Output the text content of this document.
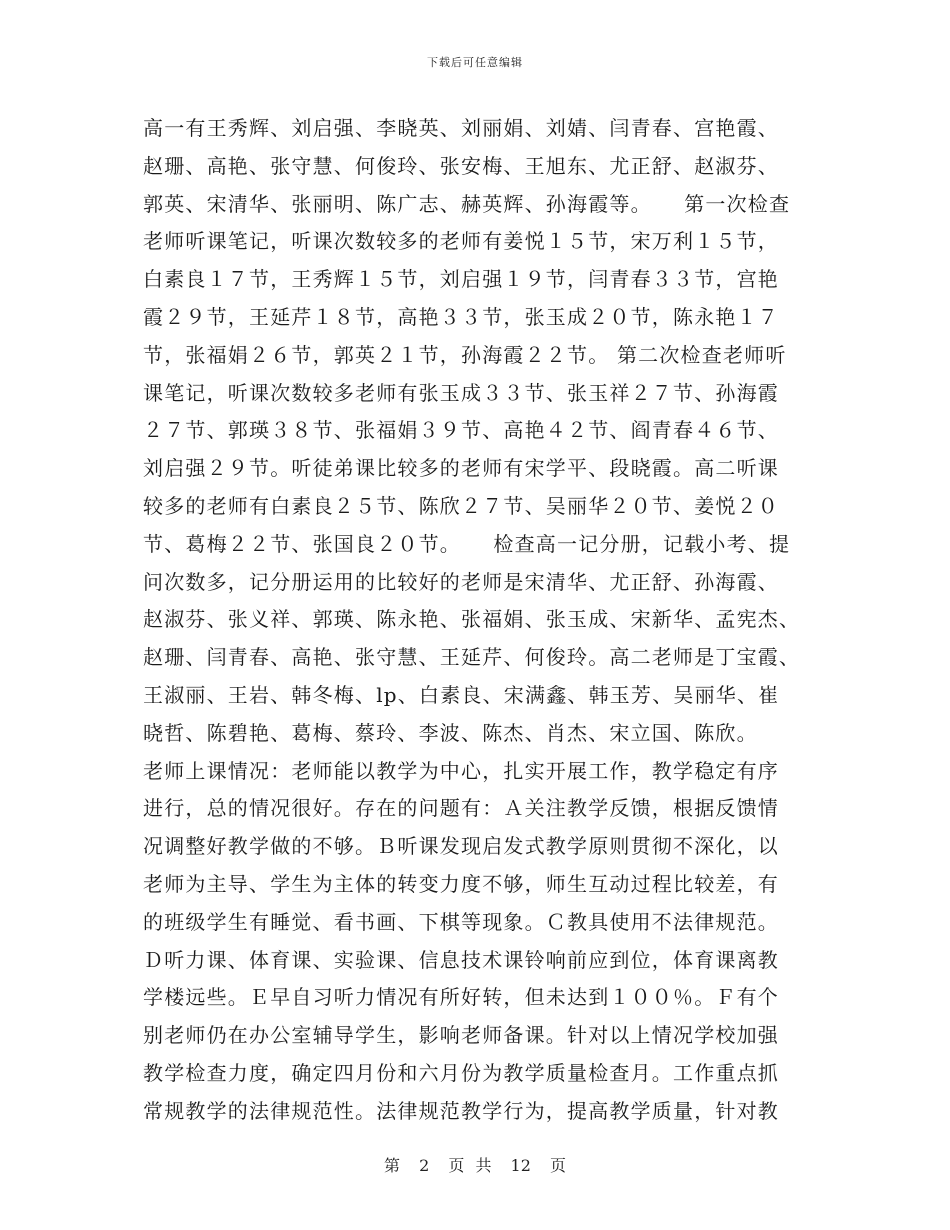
下载后可任意编辑
高一有王秀辉、刘启强、李晓英、刘丽娟、刘婧、闫青春、宫艳霞、
赵珊、高艳、张守慧、何俊玲、张安梅、王旭东、尤正舒、赵淑芬、
郭英、宋清华、张丽明、陈广志、赫英辉、孙海霞等。　　第一次检查
老师听课笔记，听课次数较多的老师有姜悦１５节，宋万利１５节，
白素良１７节，王秀辉１５节，刘启强１９节，闫青春３３节，宫艳
霞２９节，王延芹１８节，高艳３３节，张玉成２０节，陈永艳１７
节，张福娟２６节，郭英２１节，孙海霞２２节。 第二次检查老师听
课笔记，听课次数较多老师有张玉成３３节、张玉祥２７节、孙海霞
２７节、郭瑛３８节、张福娟３９节、高艳４２节、阎青春４６节、
刘启强２９节。听徒弟课比较多的老师有宋学平、段晓霞。高二听课
较多的老师有白素良２５节、陈欣２７节、吴丽华２０节、姜悦２０
节、葛梅２２节、张国良２０节。　　检查高一记分册，记载小考、提
问次数多，记分册运用的比较好的老师是宋清华、尤正舒、孙海霞、
赵淑芬、张义祥、郭瑛、陈永艳、张福娟、张玉成、宋新华、孟宪杰、
赵珊、闫青春、高艳、张守慧、王延芹、何俊玲。高二老师是丁宝霞、
王淑丽、王岩、韩冬梅、lp、白素良、宋满鑫、韩玉芳、吴丽华、崔
晓哲、陈碧艳、葛梅、蔡玲、李波、陈杰、肖杰、宋立国、陈欣。
老师上课情况：老师能以教学为中心，扎实开展工作，教学稳定有序
进行，总的情况很好。存在的问题有：Ａ关注教学反馈，根据反馈情
况调整好教学做的不够。Ｂ听课发现启发式教学原则贯彻不深化，以
老师为主导、学生为主体的转变力度不够，师生互动过程比较差，有
的班级学生有睡觉、看书画、下棋等现象。Ｃ教具使用不法律规范。
Ｄ听力课、体育课、实验课、信息技术课铃响前应到位，体育课离教
学楼远些。Ｅ早自习听力情况有所好转，但未达到１００％。Ｆ有个
别老师仍在办公室辅导学生，影响老师备课。针对以上情况学校加强
教学检查力度，确定四月份和六月份为教学质量检查月。工作重点抓
常规教学的法律规范性。法律规范教学行为，提高教学质量，针对教
第 2 页 共 12 页
